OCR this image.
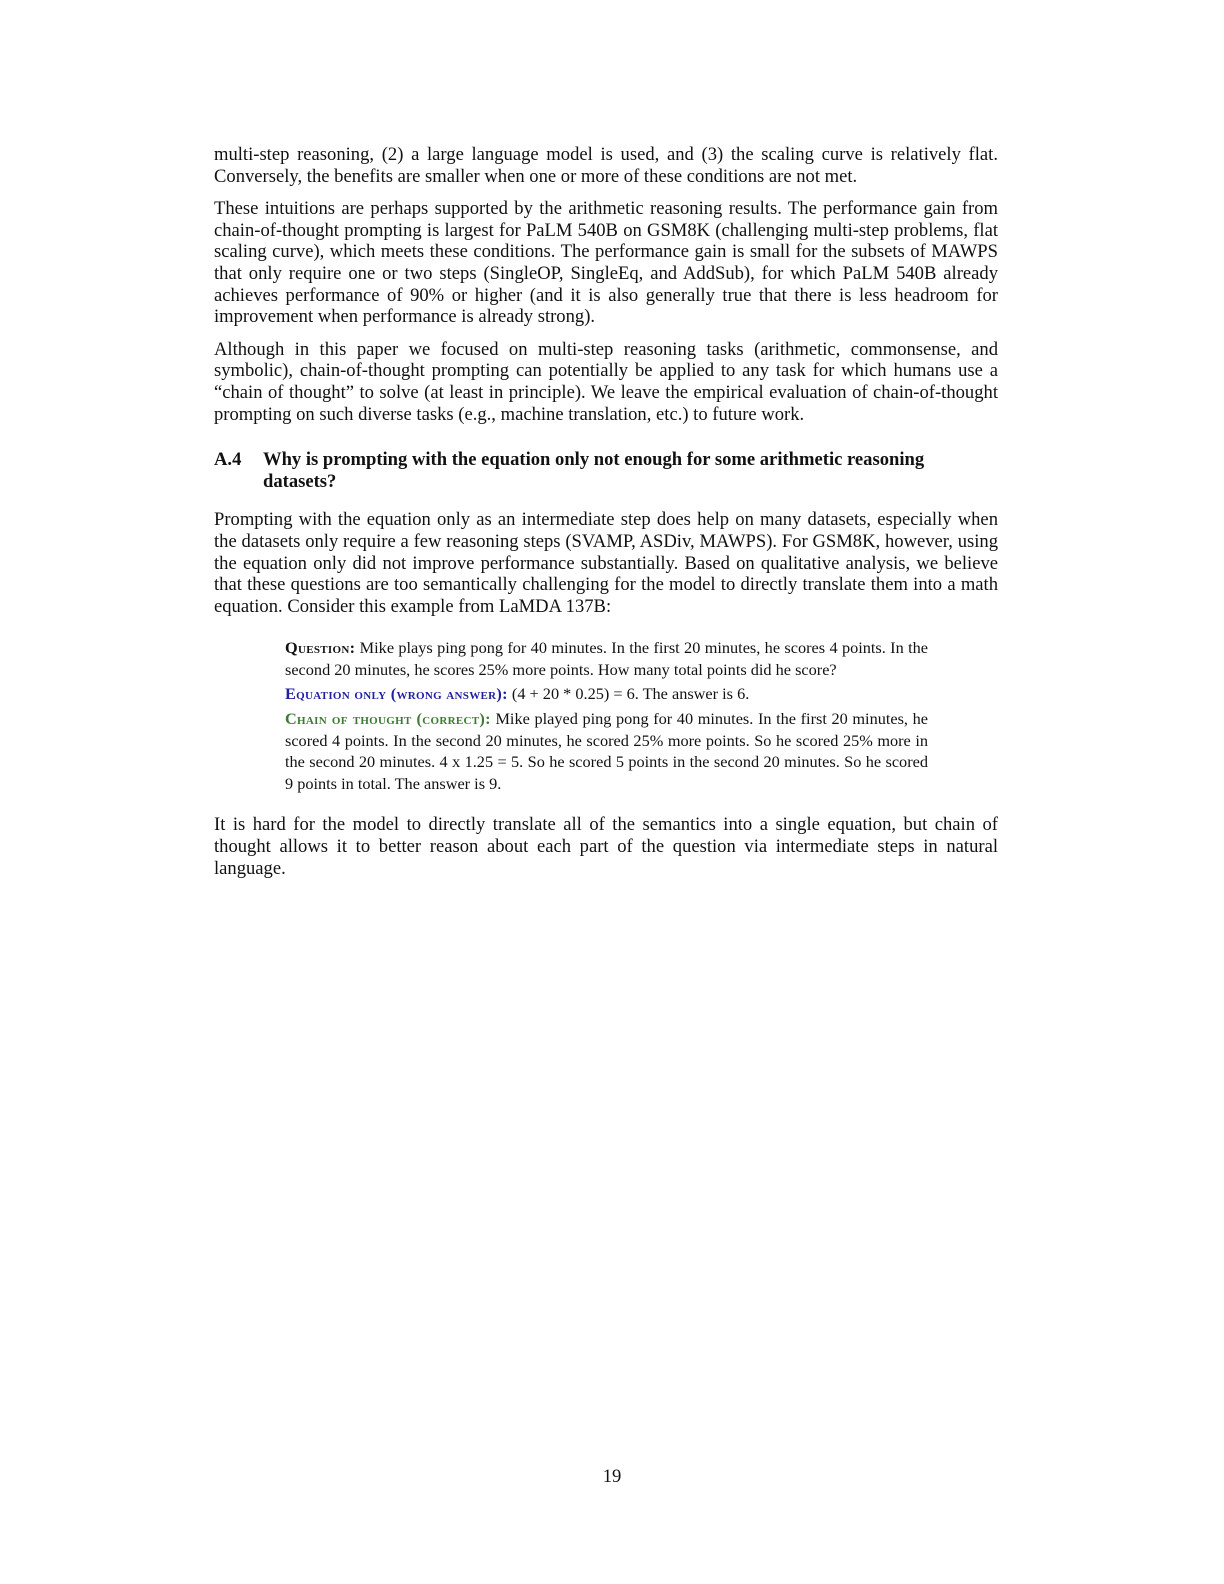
multi-step reasoning, (2) a large language model is used, and (3) the scaling curve is relatively flat. Conversely, the benefits are smaller when one or more of these conditions are not met.

These intuitions are perhaps supported by the arithmetic reasoning results. The performance gain from chain-of-thought prompting is largest for PaLM 540B on GSM8K (challenging multi-step problems, flat scaling curve), which meets these conditions. The performance gain is small for the subsets of MAWPS that only require one or two steps (SingleOP, SingleEq, and AddSub), for which PaLM 540B already achieves performance of 90% or higher (and it is also generally true that there is less headroom for improvement when performance is already strong).

Although in this paper we focused on multi-step reasoning tasks (arithmetic, commonsense, and symbolic), chain-of-thought prompting can potentially be applied to any task for which humans use a “chain of thought” to solve (at least in principle). We leave the empirical evaluation of chain-of-thought prompting on such diverse tasks (e.g., machine translation, etc.) to future work.

A.4	Why is prompting with the equation only not enough for some arithmetic reasoning datasets?

Prompting with the equation only as an intermediate step does help on many datasets, especially when the datasets only require a few reasoning steps (SVAMP, ASDiv, MAWPS). For GSM8K, however, using the equation only did not improve performance substantially. Based on qualitative analysis, we believe that these questions are too semantically challenging for the model to directly translate them into a math equation. Consider this example from LaMDA 137B:

Question: Mike plays ping pong for 40 minutes. In the first 20 minutes, he scores 4 points. In the second 20 minutes, he scores 25% more points. How many total points did he score?
Equation only (wrong answer): (4 + 20 * 0.25) = 6. The answer is 6.
Chain of thought (correct): Mike played ping pong for 40 minutes. In the first 20 minutes, he scored 4 points. In the second 20 minutes, he scored 25% more points. So he scored 25% more in the second 20 minutes. 4 x 1.25 = 5. So he scored 5 points in the second 20 minutes. So he scored 9 points in total. The answer is 9.

It is hard for the model to directly translate all of the semantics into a single equation, but chain of thought allows it to better reason about each part of the question via intermediate steps in natural language.

19
